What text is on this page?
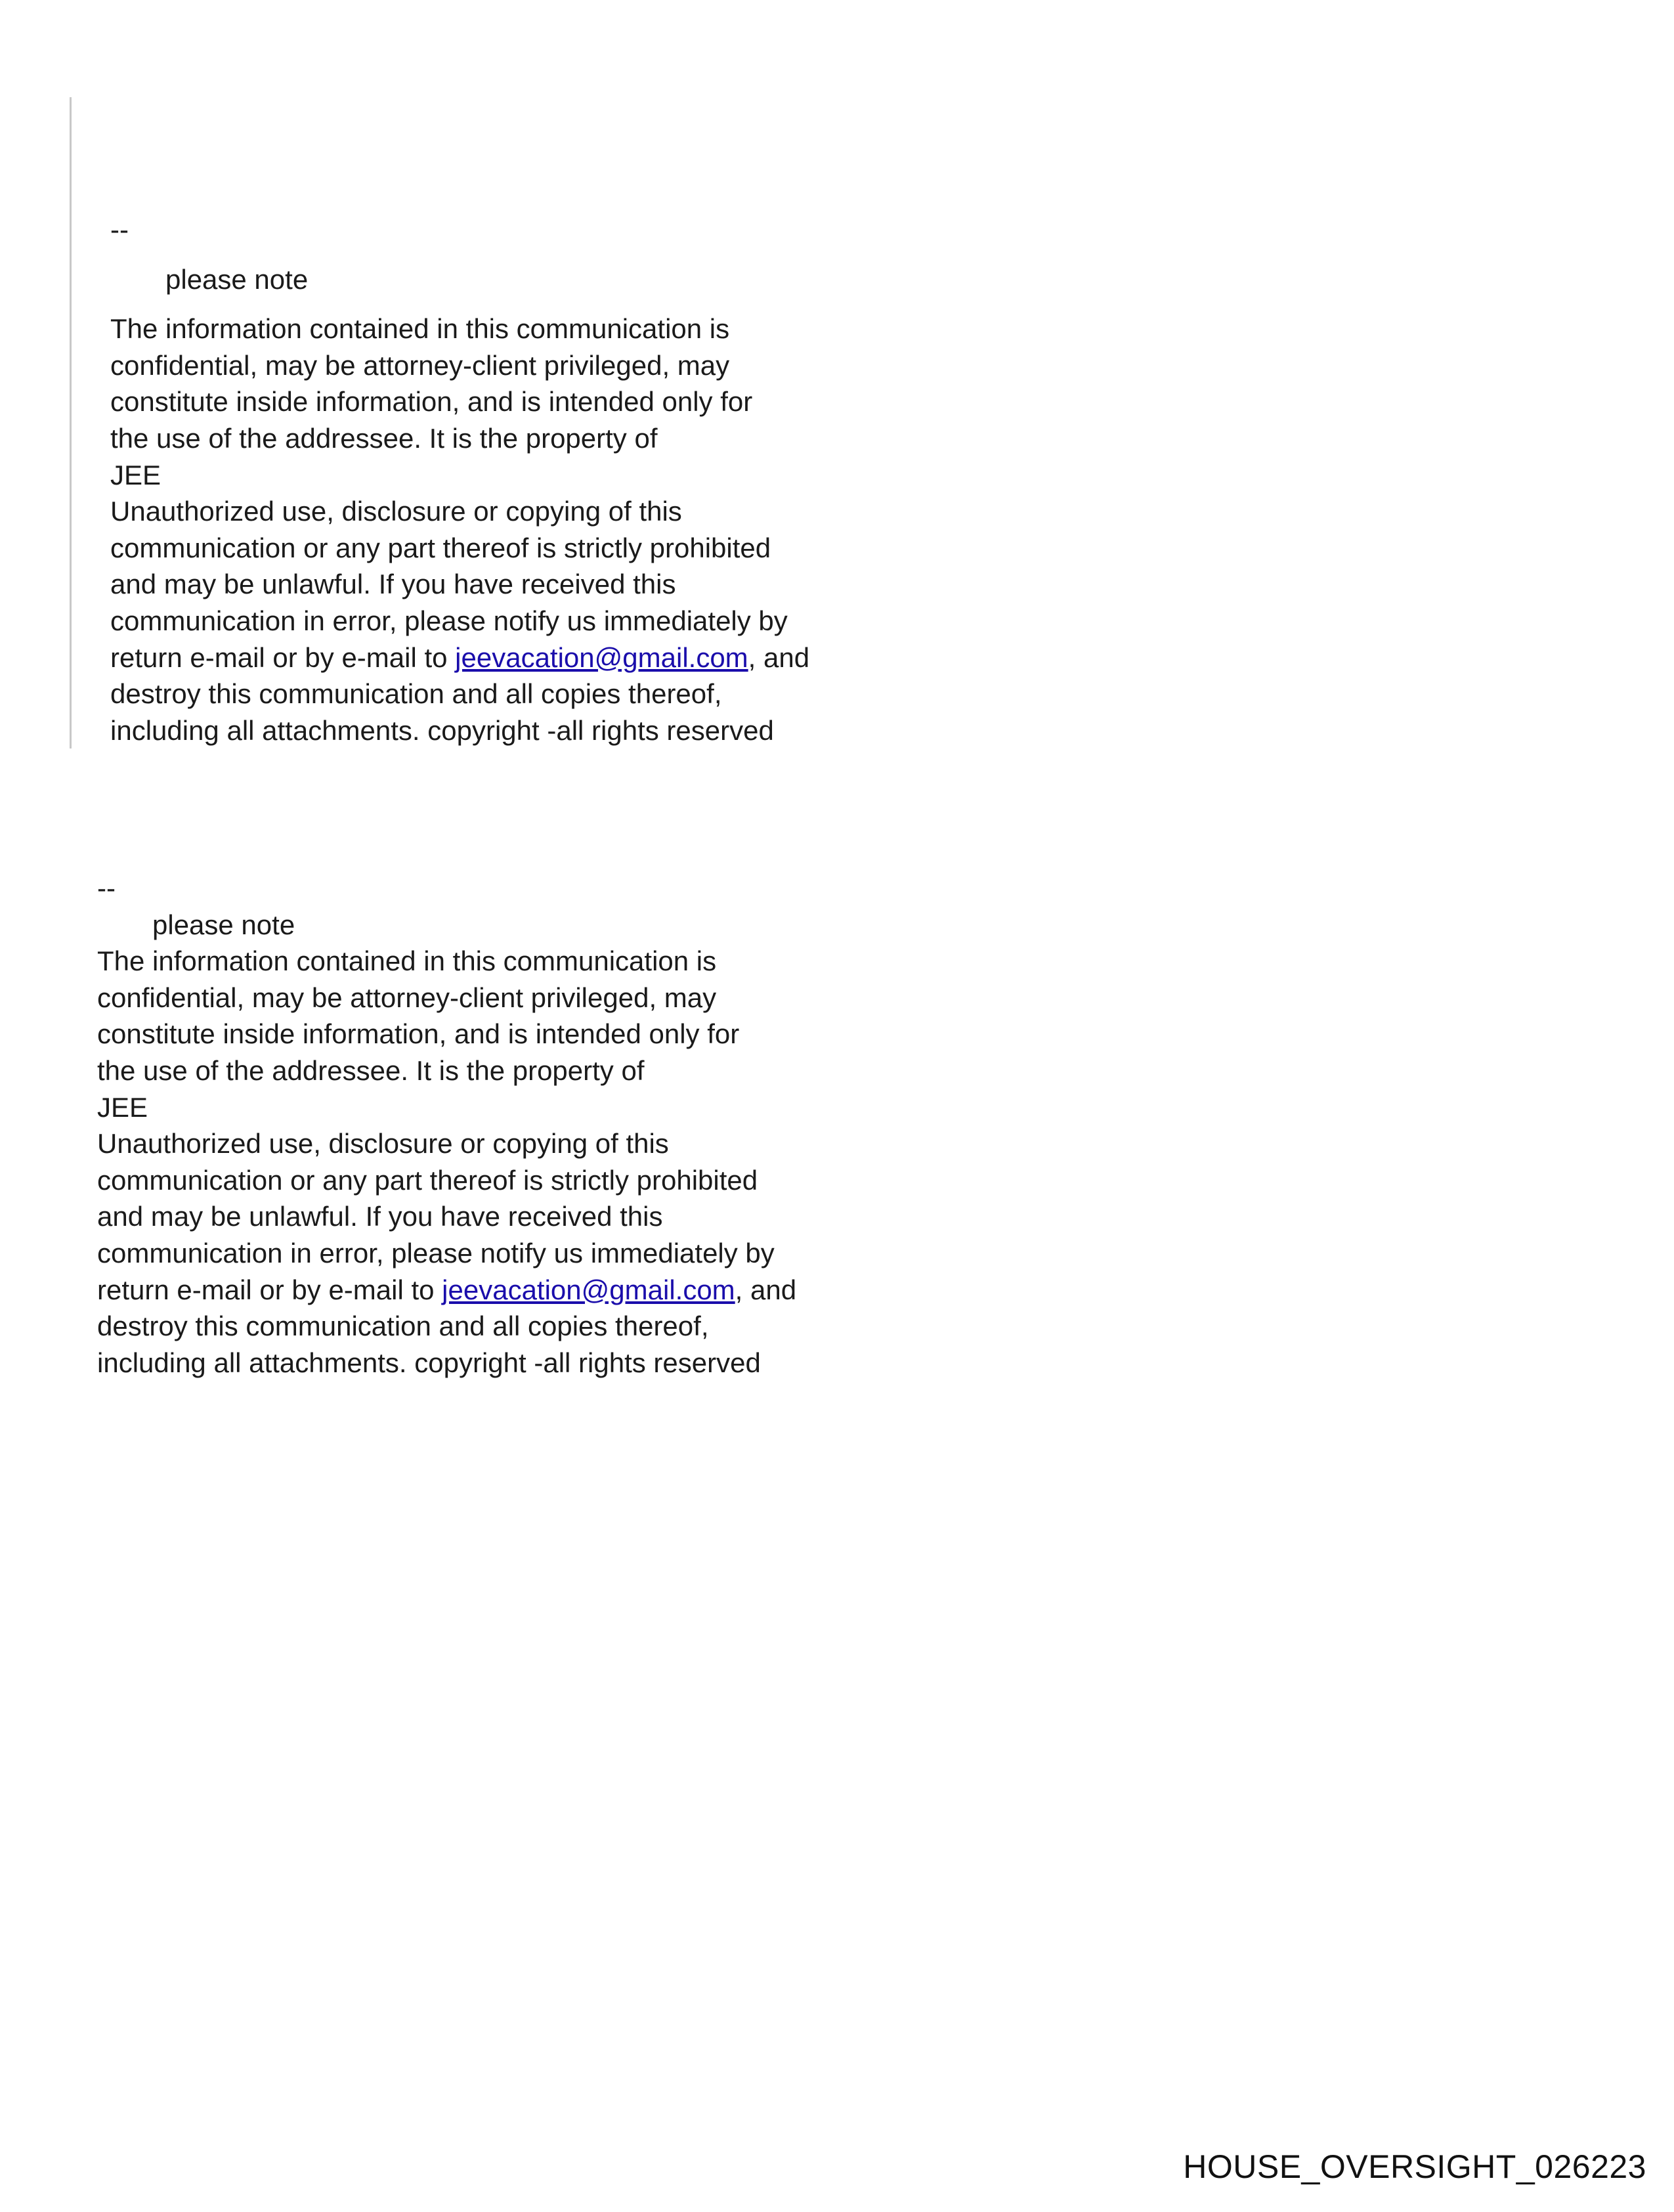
--
please note
The information contained in this communication is
confidential, may be attorney-client privileged, may
constitute inside information, and is intended only for
the use of the addressee. It is the property of
JEE
Unauthorized use, disclosure or copying of this
communication or any part thereof is strictly prohibited
and may be unlawful. If you have received this
communication in error, please notify us immediately by
return e-mail or by e-mail to jeevacation@gmail.com, and
destroy this communication and all copies thereof,
including all attachments. copyright -all rights reserved
--
please note
The information contained in this communication is
confidential, may be attorney-client privileged, may
constitute inside information, and is intended only for
the use of the addressee. It is the property of
JEE
Unauthorized use, disclosure or copying of this
communication or any part thereof is strictly prohibited
and may be unlawful. If you have received this
communication in error, please notify us immediately by
return e-mail or by e-mail to jeevacation@gmail.com, and
destroy this communication and all copies thereof,
including all attachments. copyright -all rights reserved
HOUSE_OVERSIGHT_026223
